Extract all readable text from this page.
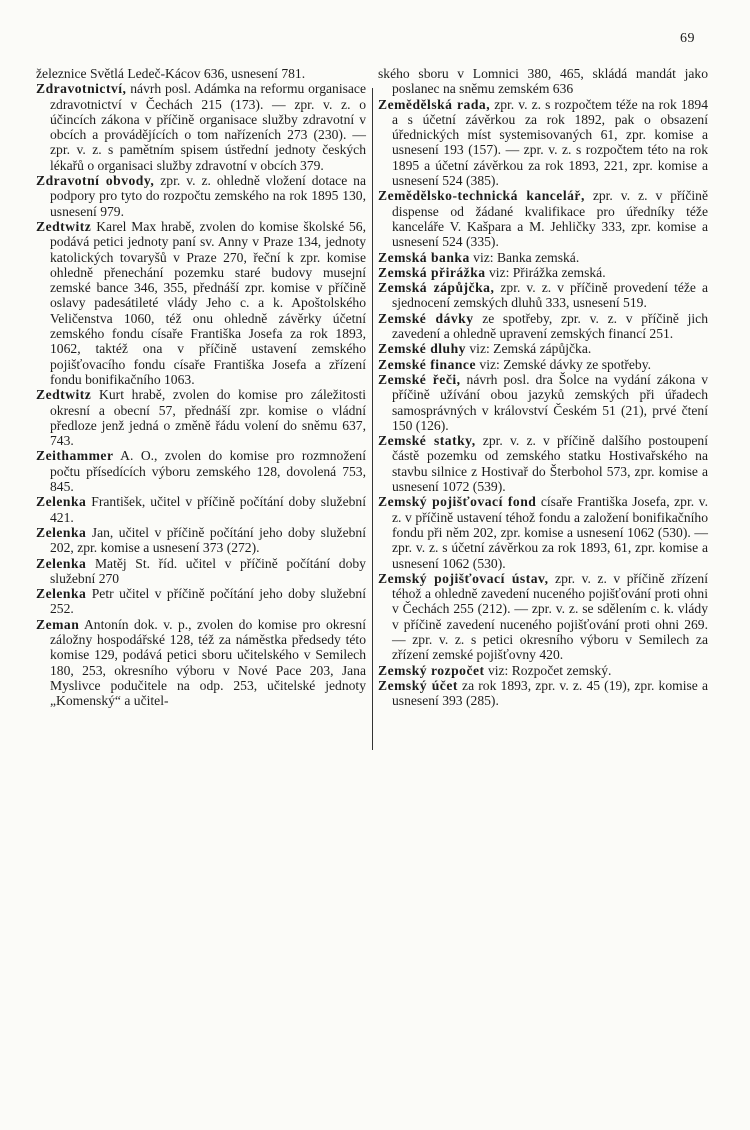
69

železnice Světlá Ledeč-Kácov 636, usnesení 781.

Zdravotnictví, návrh posl. Adámka na reformu organisace zdravotnictví v Čechách 215 (173). — zpr. v. z. o účincích zákona v příčině organisace služby zdravotní v obcích a provádějících o tom nařízeních 273 (230). — zpr. v. z. s pamětním spisem ústřední jednoty českých lékařů o organisaci služby zdravotní v obcích 379.

Zdravotní obvody, zpr. v. z. ohledně vložení dotace na podpory pro tyto do rozpočtu zemského na rok 1895 130, usnesení 979.

Zedtwitz Karel Max hrabě, zvolen do komise školské 56, podává petici jednoty paní sv. Anny v Praze 134, jednoty katolických tovaryšů v Praze 270, řeční k zpr. komise ohledně přenechání pozemku staré budovy musejní zemské bance 346, 355, přednáší zpr. komise v příčině oslavy padesátileté vlády Jeho c. a k. Apoštolského Veličenstva 1060, též onu ohledně závěrky účetní zemského fondu císaře Františka Josefa za rok 1893, 1062, taktéž ona v příčině ustavení zemského pojišťovacího fondu císaře Františka Josefa a zřízení fondu bonifikačního 1063.

Zedtwitz Kurt hrabě, zvolen do komise pro záležitosti okresní a obecní 57, přednáší zpr. komise o vládní předloze jenž jedná o změně řádu volení do sněmu 637, 743.

Zeithammer A. O., zvolen do komise pro rozmnožení počtu přísedících výboru zemského 128, dovolená 753, 845.

Zelenka František, učitel v příčině počítání doby služební 421.

Zelenka Jan, učitel v příčině počítání jeho doby služební 202, zpr. komise a usnesení 373 (272).

Zelenka Matěj St. říd. učitel v příčině počítání doby služební 270

Zelenka Petr učitel v příčině počítání jeho doby služební 252.

Zeman Antonín dok. v. p., zvolen do komise pro okresní záložny hospodářské 128, též za náměstka předsedy této komise 129, podává petici sboru učitelského v Semilech 180, 253, okresního výboru v Nové Pace 203, Jana Myslivce podučitele na odp. 253, učitelské jednoty „Komenský“ a učitel-

ského sboru v Lomnici 380, 465, skládá mandát jako poslanec na sněmu zemském 636

Zemědělská rada, zpr. v. z. s rozpočtem téže na rok 1894 a s účetní závěrkou za rok 1892, pak o obsazení úřednických míst systemisovaných 61, zpr. komise a usnesení 193 (157). — zpr. v. z. s rozpočtem této na rok 1895 a účetní závěrkou za rok 1893, 221, zpr. komise a usnesení 524 (385).

Zemědělsko-technická kancelář, zpr. v. z. v příčině dispense od žádané kvalifikace pro úředníky téže kanceláře V. Kašpara a M. Jehličky 333, zpr. komise a usnesení 524 (335).

Zemská banka viz: Banka zemská.

Zemská přirážka viz: Přirážka zemská.

Zemská zápůjčka, zpr. v. z. v příčině provedení téže a sjednocení zemských dluhů 333, usnesení 519.

Zemské dávky ze spotřeby, zpr. v. z. v příčině jich zavedení a ohledně upravení zemských financí 251.

Zemské dluhy viz: Zemská zápůjčka.

Zemské finance viz: Zemské dávky ze spotřeby.

Zemské řeči, návrh posl. dra Šolce na vydání zákona v příčině užívání obou jazyků zemských při úřadech samosprávných v království Českém 51 (21), prvé čtení 150 (126).

Zemské statky, zpr. v. z. v příčině dalšího postoupení částě pozemku od zemského statku Hostivařského na stavbu silnice z Hostivař do Šterbohol 573, zpr. komise a usnesení 1072 (539).

Zemský pojišťovací fond císaře Františka Josefa, zpr. v. z. v příčině ustavení téhož fondu a založení bonifikačního fondu při něm 202, zpr. komise a usnesení 1062 (530). — zpr. v. z. s účetní závěrkou za rok 1893, 61, zpr. komise a usnesení 1062 (530).

Zemský pojišťovací ústav, zpr. v. z. v příčině zřízení téhož a ohledně zavedení nuceného pojišťování proti ohni v Čechách 255 (212). — zpr. v. z. se sdělením c. k. vlády v příčině zavedení nuceného pojišťování proti ohni 269. — zpr. v. z. s petici okresního výboru v Semilech za zřízení zemské pojišťovny 420.

Zemský rozpočet viz: Rozpočet zemský.

Zemský účet za rok 1893, zpr. v. z. 45 (19), zpr. komise a usnesení 393 (285).
